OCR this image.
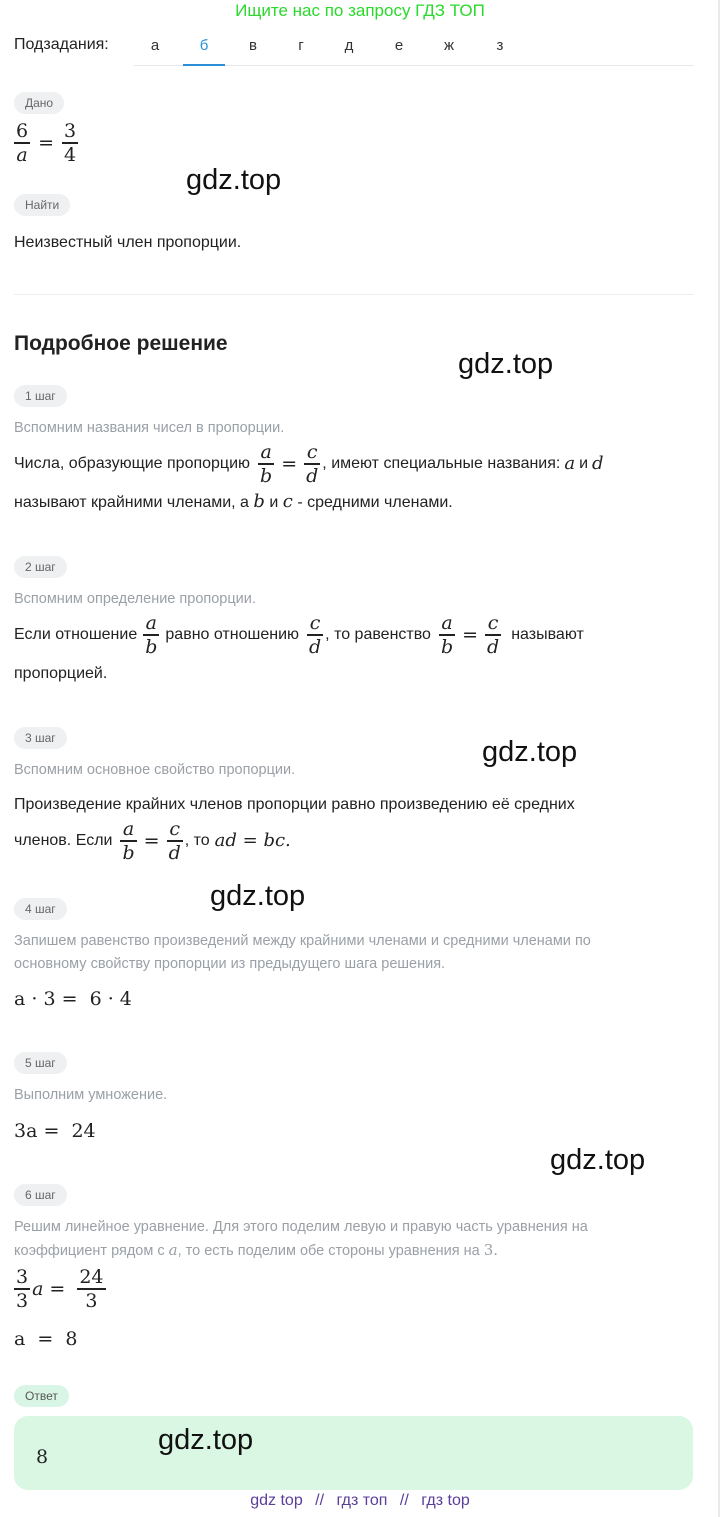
Ищите нас по запросу ГДЗ ТОП
Подзадания:	а	б	в	г	д	е	ж	з
Дано
$\frac{6}{a} = \frac{3}{4}$
gdz.top
Найти
Неизвестный член пропорции.
Подробное решение
gdz.top
1 шаг
Вспомним названия чисел в пропорции.
Числа, образующие пропорцию $\frac{a}{b} = \frac{c}{d}$ , имеют специальные названия: a и d
называют крайними членами, а b и c - средними членами.
2 шаг
Вспомним определение пропорции.
Если отношение $\frac{a}{b}$ равно отношению $\frac{c}{d}$ , то равенство $\frac{a}{b} = \frac{c}{d}$ называют
пропорцией.
gdz.top
3 шаг
Вспомним основное свойство пропорции.
Произведение крайних членов пропорции равно произведению её средних
членов. Если $\frac{a}{b} = \frac{c}{d}$ , то ad = bc.
gdz.top
4 шаг
Запишем равенство произведений между крайними членами и средними членами по
основному свойству пропорции из предыдущего шага решения.
a · 3 =  6 · 4
5 шаг
Выполним умножение.
3a =  24
gdz.top
6 шаг
Решим линейное уравнение. Для этого поделим левую и правую часть уравнения на
коэффициент рядом с a, то есть поделим обе стороны уравнения на 3.
$\frac{3}{3}$ $a = \frac{24}{3}$
a  =  8
Ответ
8
gdz.top
gdz top // гдз топ // гдз top
